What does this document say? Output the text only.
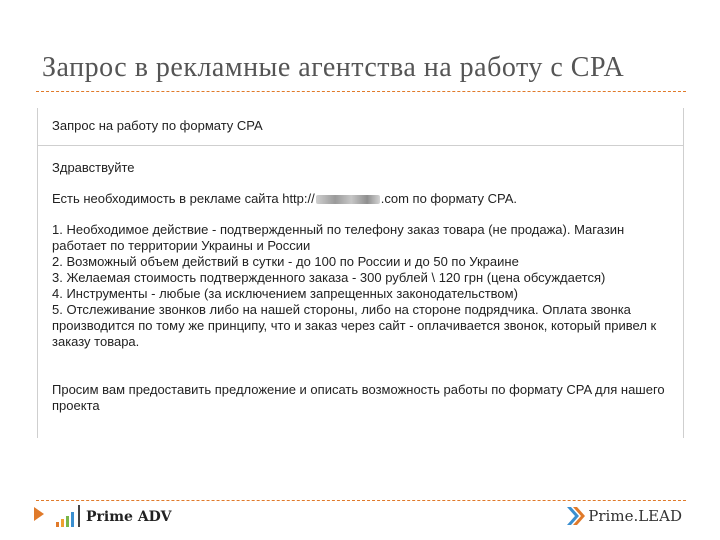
Запрос в рекламные агентства на работу с CPA
Запрос на работу по формату CPA

Здравствуйте

Есть необходимость в рекламе сайта http://	.com по формату CPA.

1. Необходимое действие - подтвержденный по телефону заказ товара (не продажа). Магазин работает по территории Украины и России

2. Возможный объем действий в сутки - до 100 по России и до 50 по Украине

3. Желаемая стоимость подтвержденного заказа - 300 рублей \ 120 грн (цена обсуждается)

4. Инструменты - любые (за исключением запрещенных законодательством)

5. Отслеживание звонков либо на нашей стороны, либо на стороне подрядчика. Оплата звонка производится по тому же принципу, что и заказ через сайт - оплачивается звонок, который привел к заказу товара.

Просим вам предоставить предложение и описать возможность работы по формату CPA для нашего проекта

Prime ADV	Prime.LEAD
